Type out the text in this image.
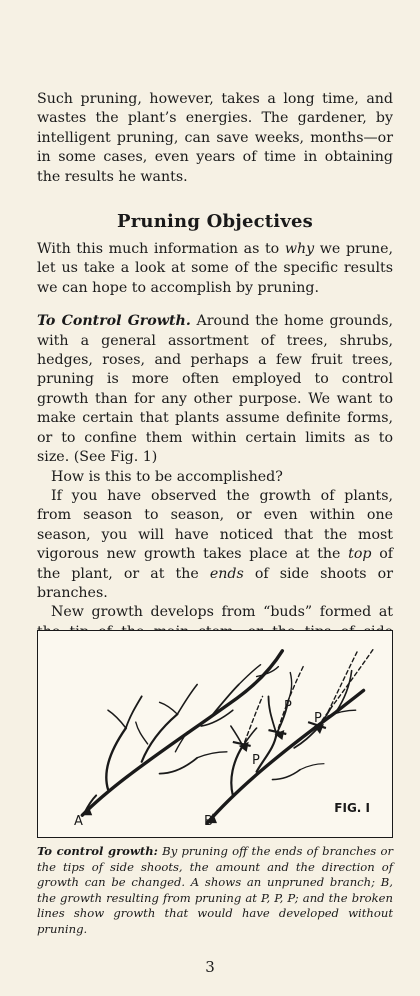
Such pruning, however, takes a long time, and wastes the plant’s energies. The gardener, by intelligent pruning, can save weeks, months—or in some cases, even years of time in obtaining the results he wants.

Pruning Objectives

With this much information as to why we prune, let us take a look at some of the specific results we can hope to accomplish by pruning.

To Control Growth. Around the home grounds, with a general assortment of trees, shrubs, hedges, roses, and perhaps a few fruit trees, pruning is more often employed to control growth than for any other purpose. We want to make certain that plants assume definite forms, or to confine them within certain limits as to size. (See Fig. 1)

How is this to be accomplished?

If you have observed the growth of plants, from season to season, or even within one season, you will have noticed that the most vigorous new growth takes place at the top of the plant, or at the ends of side shoots or branches.

New growth develops from “buds” formed at

A	B
P
P
P
FIG. I

To control growth: By pruning off the ends of branches or the tips of side shoots, the amount and the direction of growth can be changed. A shows an unpruned branch; B, the growth resulting from pruning at P, P, P; and the broken lines show growth that would have developed without pruning.

3
